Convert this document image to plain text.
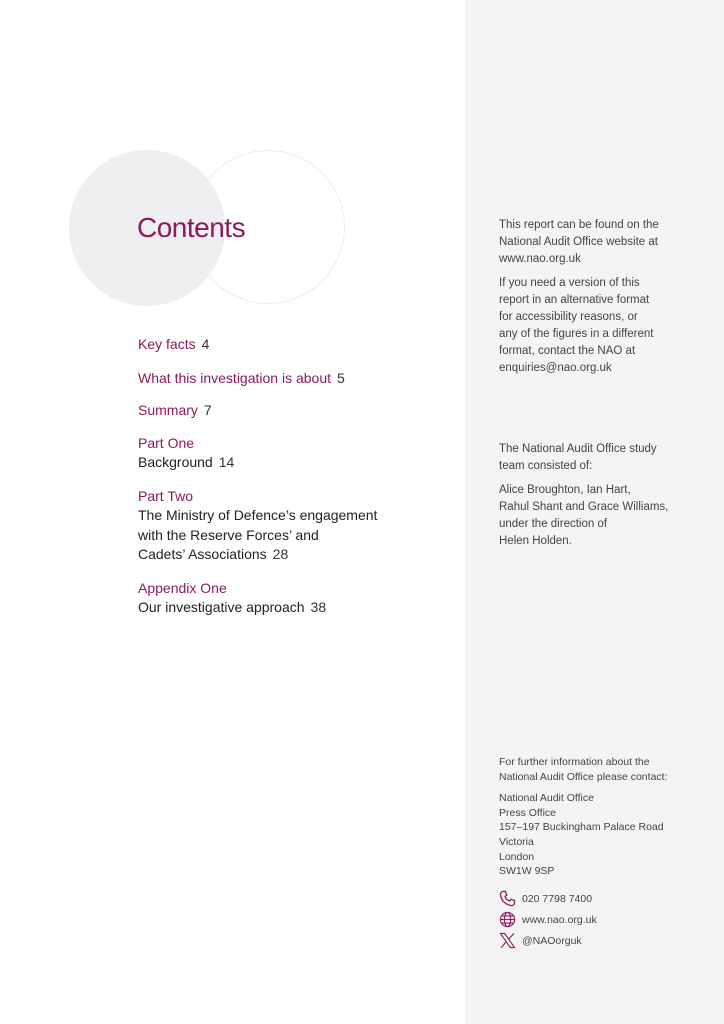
Contents
Key facts 4
What this investigation is about 5
Summary 7
Part One
Background 14
Part Two
The Ministry of Defence’s engagement
with the Reserve Forces’ and
Cadets’ Associations 28
Appendix One
Our investigative approach 38

This report can be found on the
National Audit Office website at
www.nao.org.uk

If you need a version of this
report in an alternative format
for accessibility reasons, or
any of the figures in a different
format, contact the NAO at
enquiries@nao.org.uk

The National Audit Office study
team consisted of:

Alice Broughton, Ian Hart,
Rahul Shant and Grace Williams,
under the direction of
Helen Holden.

For further information about the
National Audit Office please contact:

National Audit Office
Press Office
157–197 Buckingham Palace Road
Victoria
London
SW1W 9SP

020 7798 7400
www.nao.org.uk
@NAOorguk
